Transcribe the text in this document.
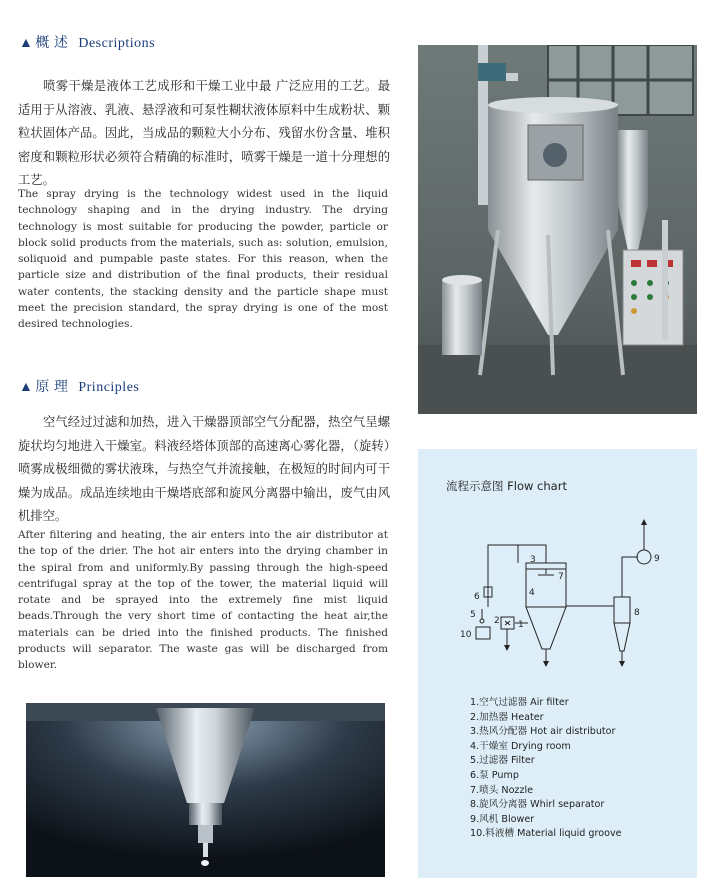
▲ 概 述 Descriptions
喷雾干燥是液体工艺成形和干燥工业中最 广泛应用的工艺。最适用于从溶液、乳液、悬浮液和可泵性糊状液体原料中生成粉状、颗粒状固体产品。因此，当成品的颗粒大小分布、残留水份含量、堆积密度和颗粒形状必须符合精确的标准时，喷雾干燥是一道十分理想的工艺。
The spray drying is the technology widest used in the liquid technology shaping and in the drying industry. The drying technology is most suitable for producing the powder, particle or block solid products from the materials, such as: solution, emulsion, soliquoid and pumpable paste states. For this reason, when the particle size and distribution of the final products, their residual water contents, the stacking density and the particle shape must meet the precision standard, the spray drying is one of the most desired technologies.
▲ 原 理 Principles
空气经过过滤和加热，进入干燥器顶部空气分配器，热空气呈螺旋状均匀地进入干燥室。料液经塔体顶部的高速离心雾化器，（旋转）喷雾成极细微的雾状液珠，与热空气并流接触，在极短的时间内可干燥为成品。成品连续地由干燥塔底部和旋风分离器中输出，废气由风机排空。
After filtering and heating, the air enters into the air distributor at the top of the drier. The hot air enters into the drying chamber in the spiral from and uniformly.By passing through the high-speed centrifugal spray at the top of the tower, the material liquid will rotate and be sprayed into the extremely fine mist liquid beads.Through the very short time of contacting the heat air,the materials can be dried into the finished products. The finished products will separator. The waste gas will be discharged from blower.
流程示意图 Flow chart
3
7
4
6
5
10
2 1
8
9
1.空气过滤器 Air filter
2.加热器 Heater
3.热风分配器 Hot air distributor
4.干燥室 Drying room
5.过滤器 Filter
6.泵 Pump
7.喷头 Nozzle
8.旋风分离器 Whirl separator
9.风机 Blower
10.料液槽 Material liquid groove
